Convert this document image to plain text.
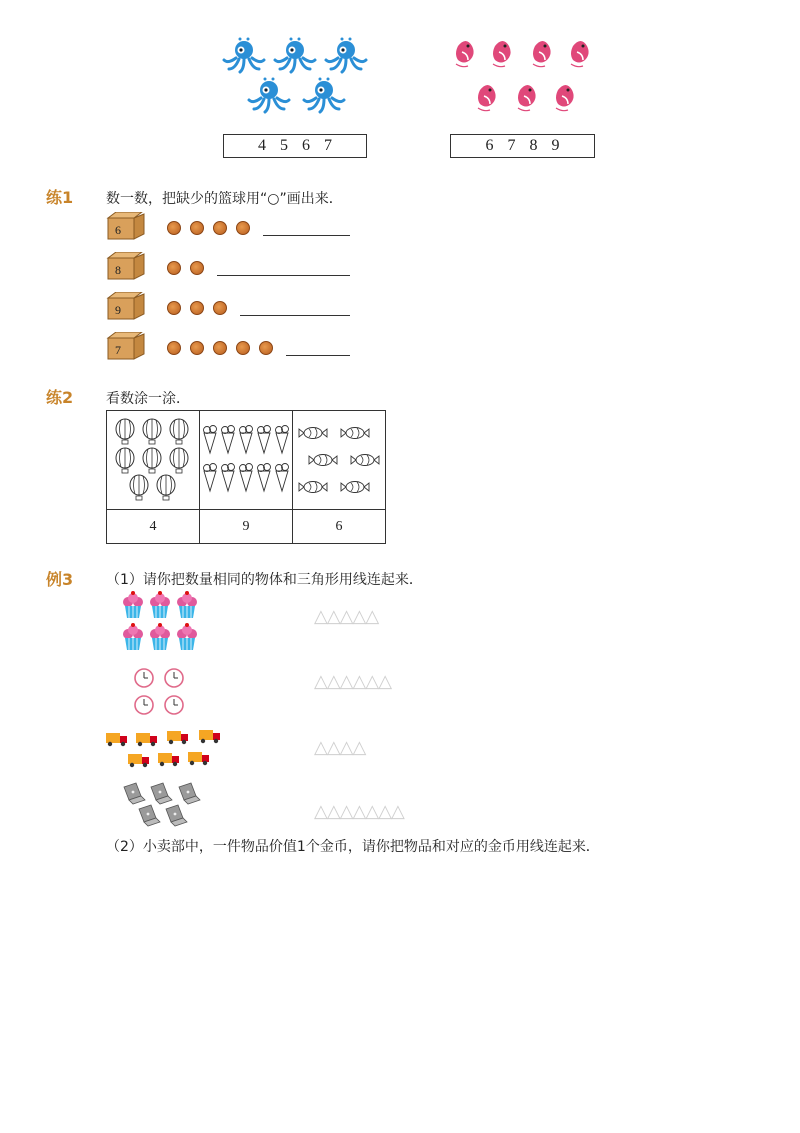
4 5 6 7	6 7 8 9
练1 数一数，把缺少的篮球用“○”画出来．
6
8
9
7
练2 看数涂一涂．

4	9	6
例3 （1）请你把数量相同的物体和三角形用线连起来．
△△△△△
△△△△△△
△△△△
△△△△△△△
（2）小卖部中，一件物品价值1个金币，请你把物品和对应的金币用线连起来．
